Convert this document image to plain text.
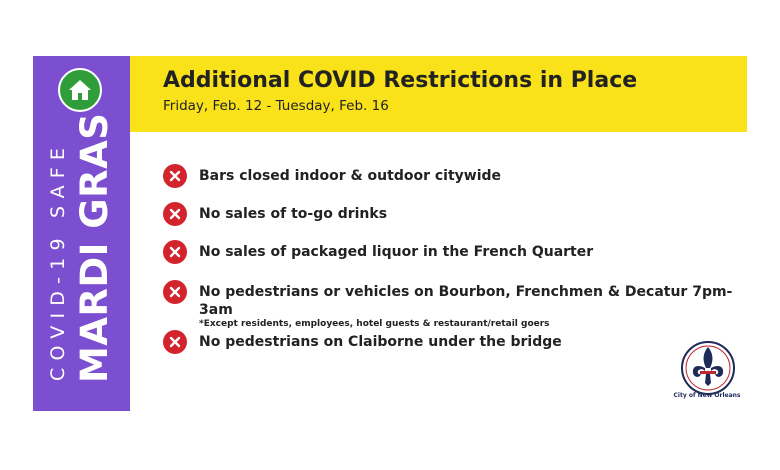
COVID-19 SAFE MARDI GRAS
Additional COVID Restrictions in Place
Friday, Feb. 12 - Tuesday, Feb. 16
Bars closed indoor & outdoor citywide
No sales of to-go drinks
No sales of packaged liquor in the French Quarter
No pedestrians or vehicles on Bourbon, Frenchmen & Decatur 7pm-3am
*Except residents, employees, hotel guests & restaurant/retail goers
No pedestrians on Claiborne under the bridge
City of New Orleans
